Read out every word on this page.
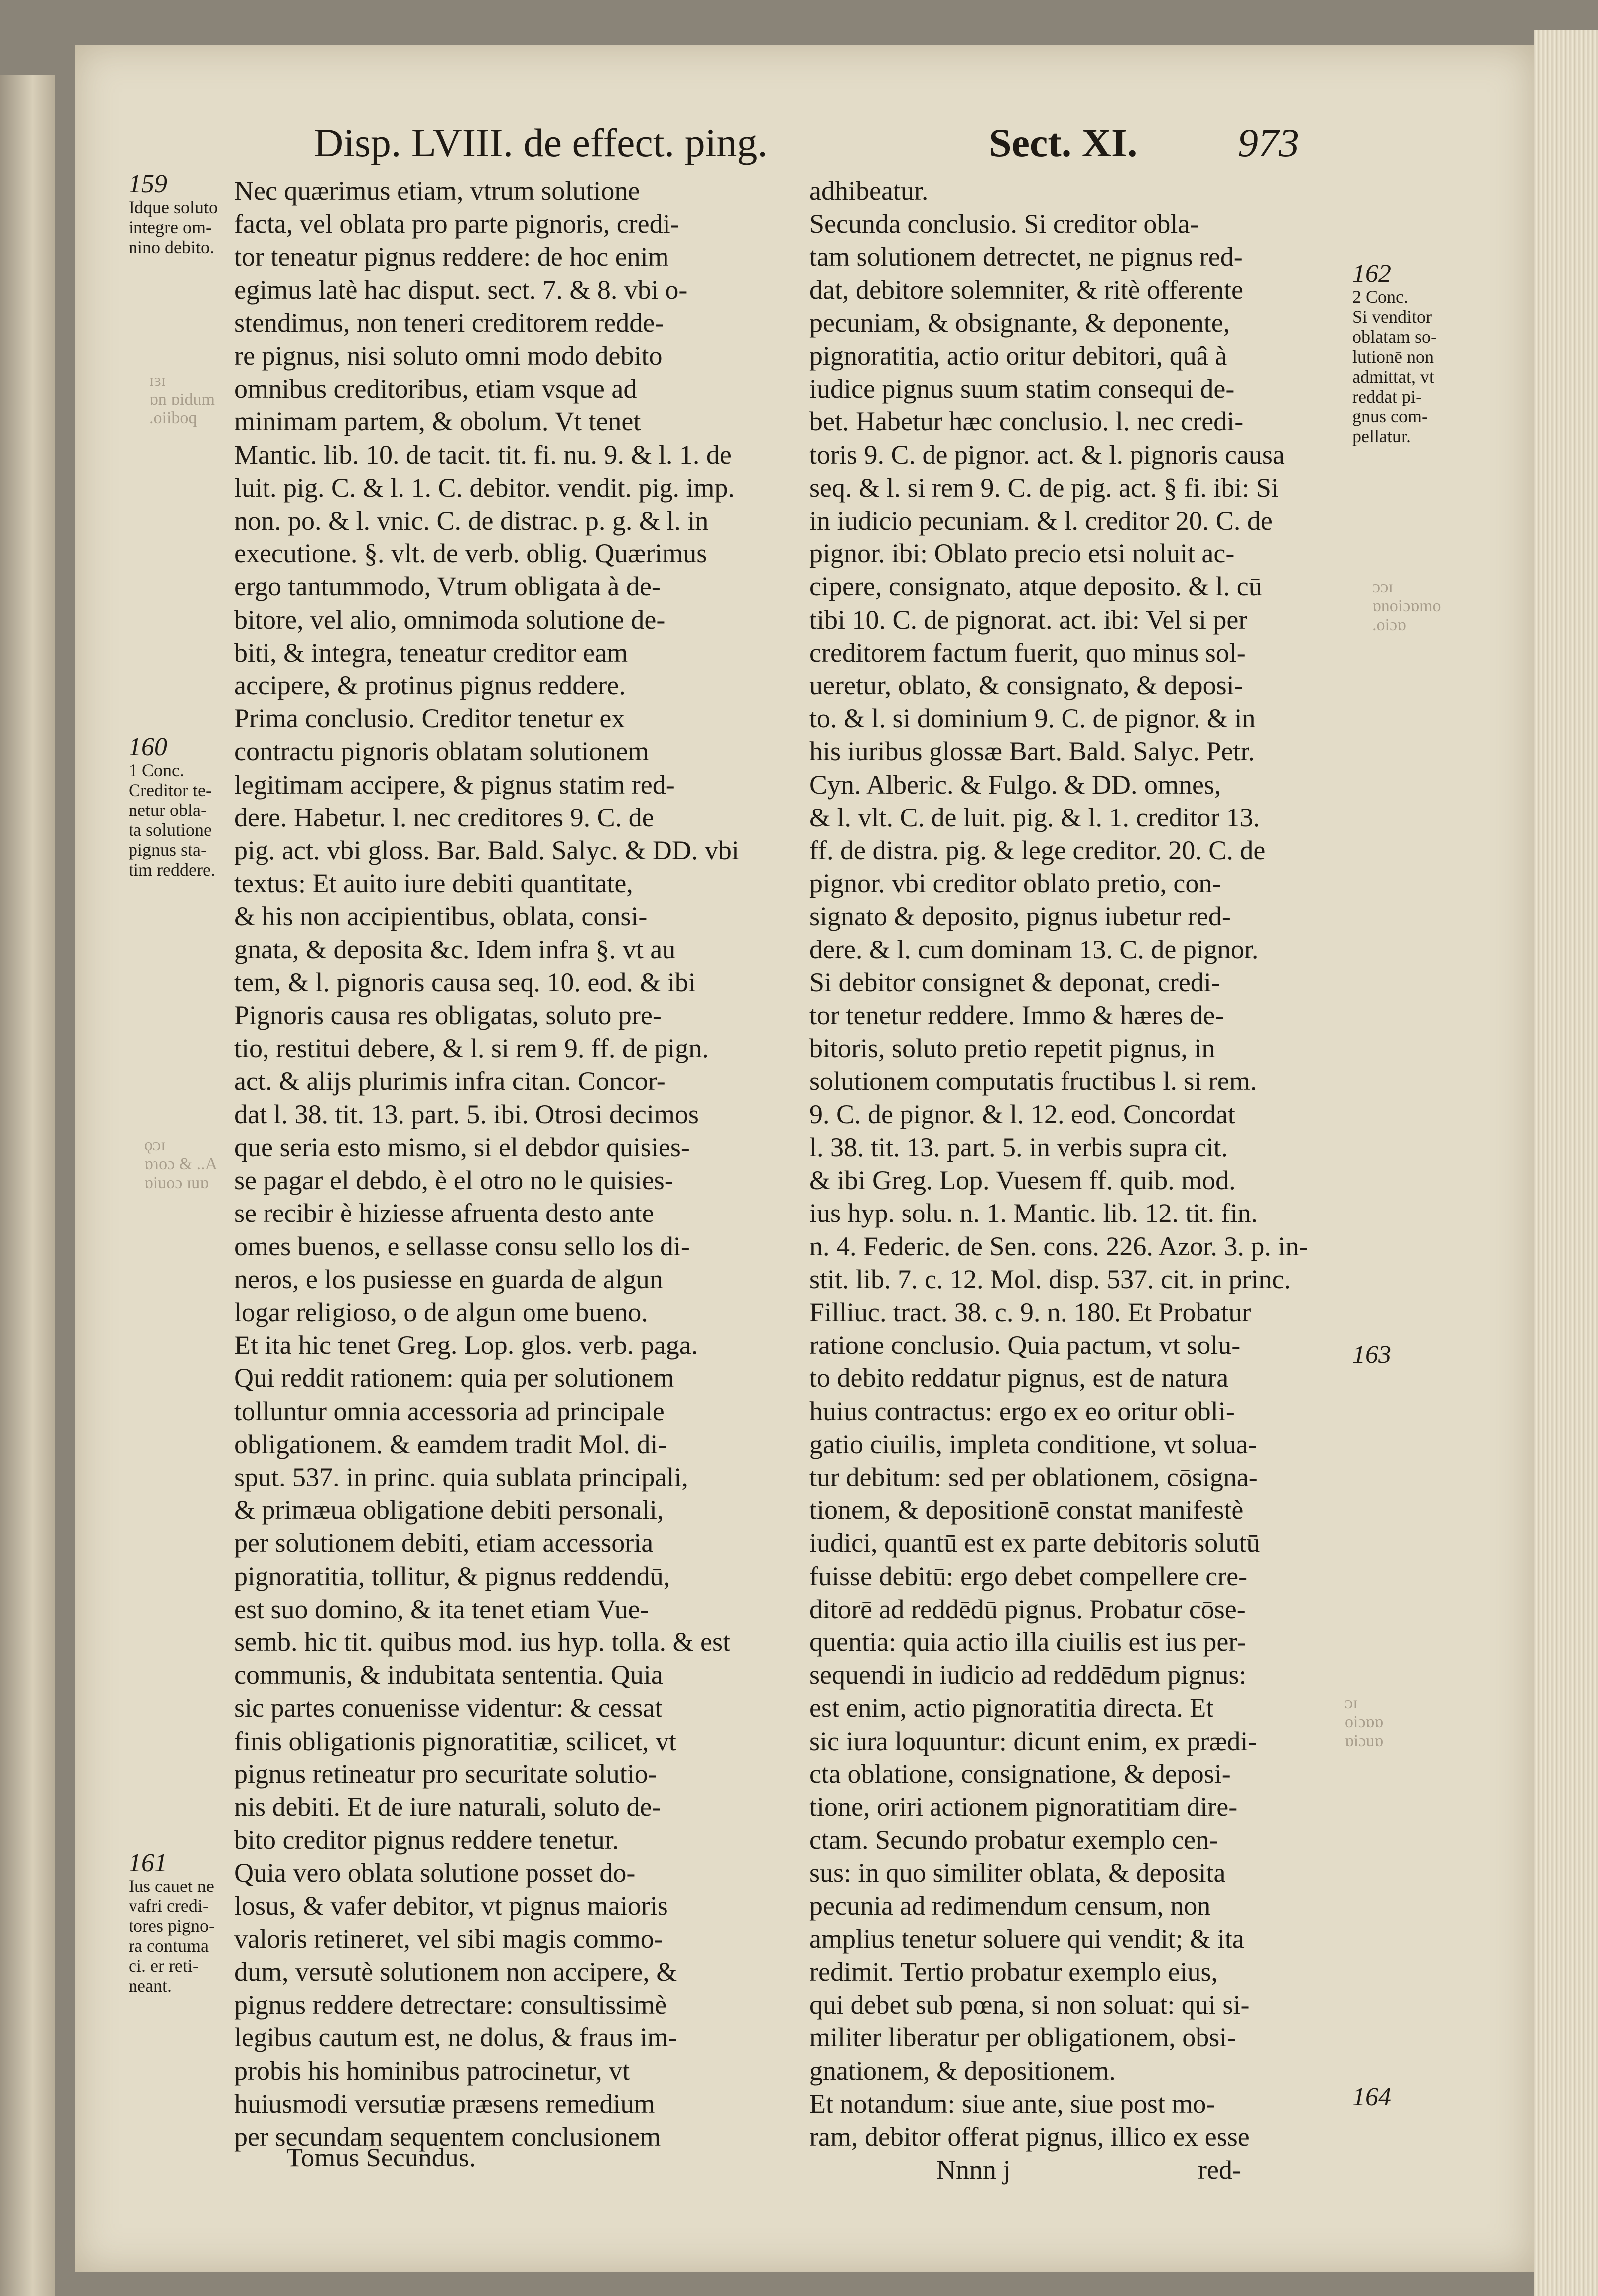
ɪɜɪ
ɒn ɒidum
.oiiboq
ǫᴐɪ
ɒɿoɔ & ..A
ɒiuoɔ ɪuɒ
ᴐᴐɪ
ɒnoiɔɒmo
.oiɔɒ
ᴐɪ
oiɔɒɒ
ɒiɔuɒ
Disp. LVIII. de effect. ping.	Sect. XI. 973

Nec quærimus etiam, vtrum solutione

facta, vel oblata pro parte pignoris, credi-

tor teneatur pignus reddere: de hoc enim

egimus latè hac disput. sect. 7. & 8. vbi o-

stendimus, non teneri creditorem redde-

re pignus, nisi soluto omni modo debito

omnibus creditoribus, etiam vsque ad

minimam partem, & obolum. Vt tenet

Mantic. lib. 10. de tacit. tit. fi. nu. 9. & l. 1. de

luit. pig. C. & l. 1. C. debitor. vendit. pig. imp.

non. po. & l. vnic. C. de distrac. p. g. & l. in

executione. §. vlt. de verb. oblig. Quærimus

ergo tantummodo, Vtrum obligata à de-

bitore, vel alio, omnimoda solutione de-

biti, & integra, teneatur creditor eam

accipere, & protinus pignus reddere.

Prima conclusio. Creditor tenetur ex

contractu pignoris oblatam solutionem

legitimam accipere, & pignus statim red-

dere. Habetur. l. nec creditores 9. C. de

pig. act. vbi gloss. Bar. Bald. Salyc. & DD. vbi

textus: Et auito iure debiti quantitate,

& his non accipientibus, oblata, consi-

gnata, & deposita &c. Idem infra §. vt au

tem, & l. pignoris causa seq. 10. eod. & ibi

Pignoris causa res obligatas, soluto pre-

tio, restitui debere, & l. si rem 9. ff. de pign.

act. & alijs plurimis infra citan. Concor-

dat l. 38. tit. 13. part. 5. ibi. Otrosi decimos

que seria esto mismo, si el debdor quisies-

se pagar el debdo, è el otro no le quisies-

se recibir è hiziesse afruenta desto ante

omes buenos, e sellasse consu sello los di-

neros, e los pusiesse en guarda de algun

logar religioso, o de algun ome bueno.

Et ita hic tenet Greg. Lop. glos. verb. paga.

Qui reddit rationem: quia per solutionem

tolluntur omnia accessoria ad principale

obligationem. & eamdem tradit Mol. di-

sput. 537. in princ. quia sublata principali,

& primæua obligatione debiti personali,

per solutionem debiti, etiam accessoria

pignoratitia, tollitur, & pignus reddendū,

est suo domino, & ita tenet etiam Vue-

semb. hic tit. quibus mod. ius hyp. tolla. & est

communis, & indubitata sententia. Quia

sic partes conuenisse videntur: & cessat

finis obligationis pignoratitiæ, scilicet, vt

pignus retineatur pro securitate solutio-

nis debiti. Et de iure naturali, soluto de-

bito creditor pignus reddere tenetur.

Quia vero oblata solutione posset do-

losus, & vafer debitor, vt pignus maioris

valoris retineret, vel sibi magis commo-

dum, versutè solutionem non accipere, &

pignus reddere detrectare: consultissimè

legibus cautum est, ne dolus, & fraus im-

probis his hominibus patrocinetur, vt

huiusmodi versutiæ præsens remedium

per secundam sequentem conclusionem

adhibeatur.

Secunda conclusio. Si creditor obla-

tam solutionem detrectet, ne pignus red-

dat, debitore solemniter, & ritè offerente

pecuniam, & obsignante, & deponente,

pignoratitia, actio oritur debitori, quâ à

iudice pignus suum statim consequi de-

bet. Habetur hæc conclusio. l. nec credi-

toris 9. C. de pignor. act. & l. pignoris causa

seq. & l. si rem 9. C. de pig. act. § fi. ibi: Si

in iudicio pecuniam. & l. creditor 20. C. de

pignor. ibi: Oblato precio etsi noluit ac-

cipere, consignato, atque deposito. & l. cū

tibi 10. C. de pignorat. act. ibi: Vel si per

creditorem factum fuerit, quo minus sol-

ueretur, oblato, & consignato, & deposi-

to. & l. si dominium 9. C. de pignor. & in

his iuribus glossæ Bart. Bald. Salyc. Petr.

Cyn. Alberic. & Fulgo. & DD. omnes,

& l. vlt. C. de luit. pig. & l. 1. creditor 13.

ff. de distra. pig. & lege creditor. 20. C. de

pignor. vbi creditor oblato pretio, con-

signato & deposito, pignus iubetur red-

dere. & l. cum dominam 13. C. de pignor.

Si debitor consignet & deponat, credi-

tor tenetur reddere. Immo & hæres de-

bitoris, soluto pretio repetit pignus, in

solutionem computatis fructibus l. si rem.

9. C. de pignor. & l. 12. eod. Concordat

l. 38. tit. 13. part. 5. in verbis supra cit.

& ibi Greg. Lop. Vuesem ff. quib. mod.

ius hyp. solu. n. 1. Mantic. lib. 12. tit. fin.

n. 4. Federic. de Sen. cons. 226. Azor. 3. p. in-

stit. lib. 7. c. 12. Mol. disp. 537. cit. in princ.

Filliuc. tract. 38. c. 9. n. 180. Et Probatur

ratione conclusio. Quia pactum, vt solu-

to debito reddatur pignus, est de natura

huius contractus: ergo ex eo oritur obli-

gatio ciuilis, impleta conditione, vt solua-

tur debitum: sed per oblationem, cōsigna-

tionem, & depositionē constat manifestè

iudici, quantū est ex parte debitoris solutū

fuisse debitū: ergo debet compellere cre-

ditorē ad reddēdū pignus. Probatur cōse-

quentia: quia actio illa ciuilis est ius per-

sequendi in iudicio ad reddēdum pignus:

est enim, actio pignoratitia directa. Et

sic iura loquuntur: dicunt enim, ex prædi-

cta oblatione, consignatione, & deposi-

tione, oriri actionem pignoratitiam dire-

ctam. Secundo probatur exemplo cen-

sus: in quo similiter oblata, & deposita

pecunia ad redimendum censum, non

amplius tenetur soluere qui vendit; & ita

redimit. Tertio probatur exemplo eius,

qui debet sub pœna, si non soluat: qui si-

militer liberatur per obligationem, obsi-

gnationem, & depositionem.

Et notandum: siue ante, siue post mo-

ram, debitor offerat pignus, illico ex esse

159
Idque soluto
integre om-
nino debito.
160
1 Conc.
Creditor te-
netur obla-
ta solutione
pignus sta-
tim reddere.
161
Ius cauet ne
vafri credi-
tores pigno-
ra contuma
ci. er reti-
neant.
162
2 Conc.
Si venditor
oblatam so-
lutionē non
admittat, vt
reddat pi-
gnus com-
pellatur.
163
164
Tomus Secundus.	Nnnn j	red-
